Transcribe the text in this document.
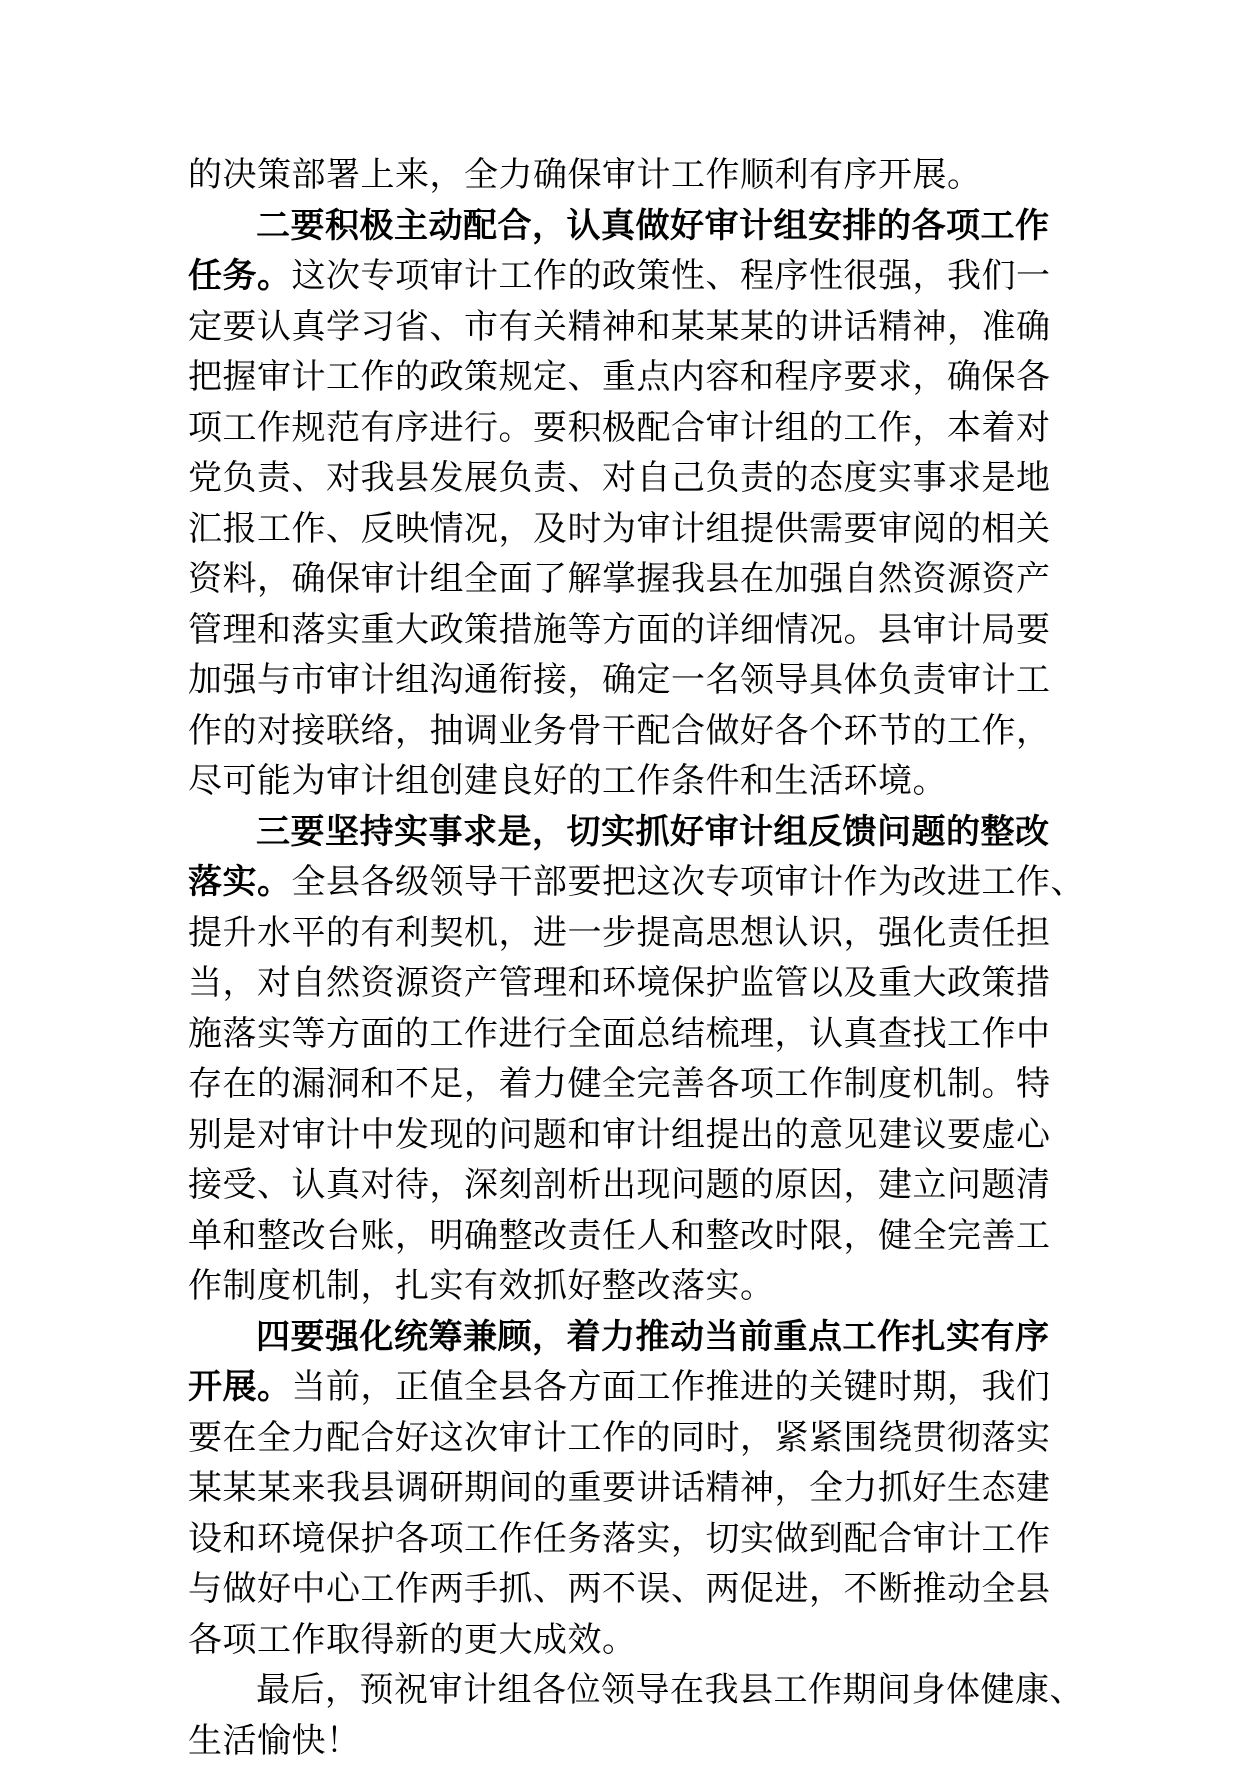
的决策部署上来，全力确保审计工作顺利有序开展。
二要积极主动配合，认真做好审计组安排的各项工作
任务。这次专项审计工作的政策性、程序性很强，我们一
定要认真学习省、市有关精神和某某某的讲话精神，准确
把握审计工作的政策规定、重点内容和程序要求，确保各
项工作规范有序进行。要积极配合审计组的工作，本着对
党负责、对我县发展负责、对自己负责的态度实事求是地
汇报工作、反映情况，及时为审计组提供需要审阅的相关
资料，确保审计组全面了解掌握我县在加强自然资源资产
管理和落实重大政策措施等方面的详细情况。县审计局要
加强与市审计组沟通衔接，确定一名领导具体负责审计工
作的对接联络，抽调业务骨干配合做好各个环节的工作，
尽可能为审计组创建良好的工作条件和生活环境。
三要坚持实事求是，切实抓好审计组反馈问题的整改
落实。全县各级领导干部要把这次专项审计作为改进工作、
提升水平的有利契机，进一步提高思想认识，强化责任担
当，对自然资源资产管理和环境保护监管以及重大政策措
施落实等方面的工作进行全面总结梳理，认真查找工作中
存在的漏洞和不足，着力健全完善各项工作制度机制。特
别是对审计中发现的问题和审计组提出的意见建议要虚心
接受、认真对待，深刻剖析出现问题的原因，建立问题清
单和整改台账，明确整改责任人和整改时限，健全完善工
作制度机制，扎实有效抓好整改落实。
四要强化统筹兼顾，着力推动当前重点工作扎实有序
开展。当前，正值全县各方面工作推进的关键时期，我们
要在全力配合好这次审计工作的同时，紧紧围绕贯彻落实
某某某来我县调研期间的重要讲话精神，全力抓好生态建
设和环境保护各项工作任务落实，切实做到配合审计工作
与做好中心工作两手抓、两不误、两促进，不断推动全县
各项工作取得新的更大成效。
最后，预祝审计组各位领导在我县工作期间身体健康、
生活愉快！
